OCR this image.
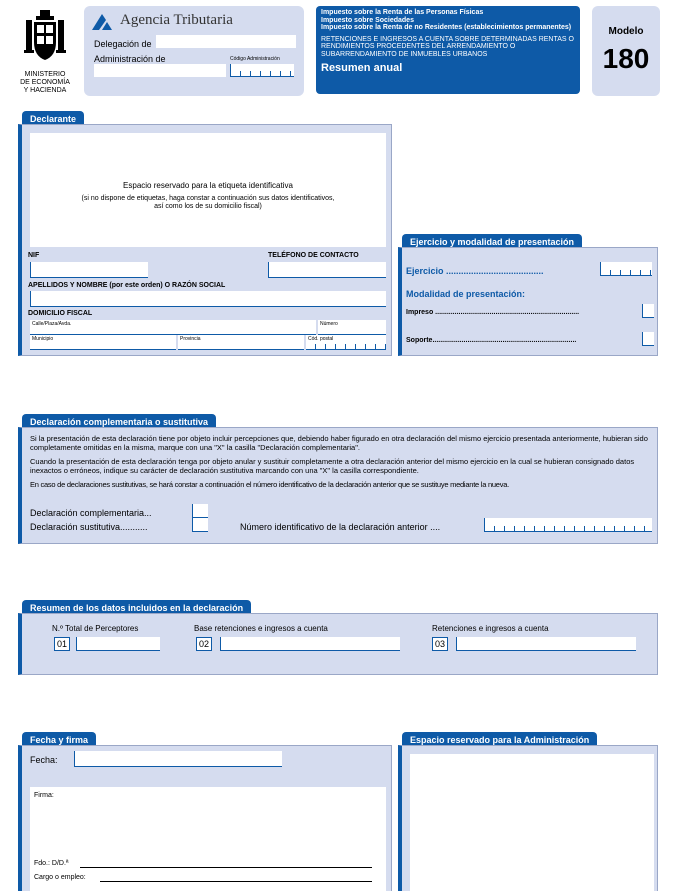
MINISTERIO
DE ECONOMÍA
Y HACIENDA
Agencia Tributaria
Delegación de
Administración de	Código Administración
Impuesto sobre la Renta de las Personas Físicas
Impuesto sobre Sociedades
Impuesto sobre la Renta de no Residentes (establecimientos permanentes)
RETENCIONES E INGRESOS A CUENTA SOBRE DETERMINADAS RENTAS O RENDIMIENTOS PROCEDENTES DEL ARRENDAMIENTO O SUBARRENDAMIENTO DE INMUEBLES URBANOS
Resumen anual
Modelo
180
Declarante
Espacio reservado para la etiqueta identificativa
(si no dispone de etiquetas, haga constar a continuación sus datos identificativos,
así como los de su domicilio fiscal)
NIF	TELÉFONO DE CONTACTO
APELLIDOS Y NOMBRE (por este orden) O RAZÓN SOCIAL
DOMICILIO FISCAL
Calle/Plaza/Avda.	Número
Municipio	Provincia	Cód. postal
Ejercicio y modalidad de presentación
Ejercicio .......................................
Modalidad de presentación:
Impreso ..........................................................................
Soporte..........................................................................
Declaración complementaria o sustitutiva
Si la presentación de esta declaración tiene por objeto incluir percepciones que, debiendo haber figurado en otra declaración del mismo ejercicio presentada anteriormente, hubieran sido completamente omitidas en la misma, marque con una "X" la casilla "Declaración complementaria".
Cuando la presentación de esta declaración tenga por objeto anular y sustituir completamente a otra declaración anterior del mismo ejercicio en la cual se hubieran consignado datos inexactos o erróneos, indique su carácter de declaración sustitutiva marcando con una "X" la casilla correspondiente.
En caso de declaraciones sustitutivas, se hará constar a continuación el número identificativo de la declaración anterior que se sustituye mediante la nueva.
Declaración complementaria...
Declaración sustitutiva...........	Número identificativo de la declaración anterior ....
Resumen de los datos incluidos en la declaración
N.º Total de Perceptores
01
Base retenciones e ingresos a cuenta
02
Retenciones e ingresos a cuenta
03
Fecha y firma
Fecha:
Firma:
Fdo.: D/D.ª
Cargo o empleo:
Espacio reservado para la Administración
